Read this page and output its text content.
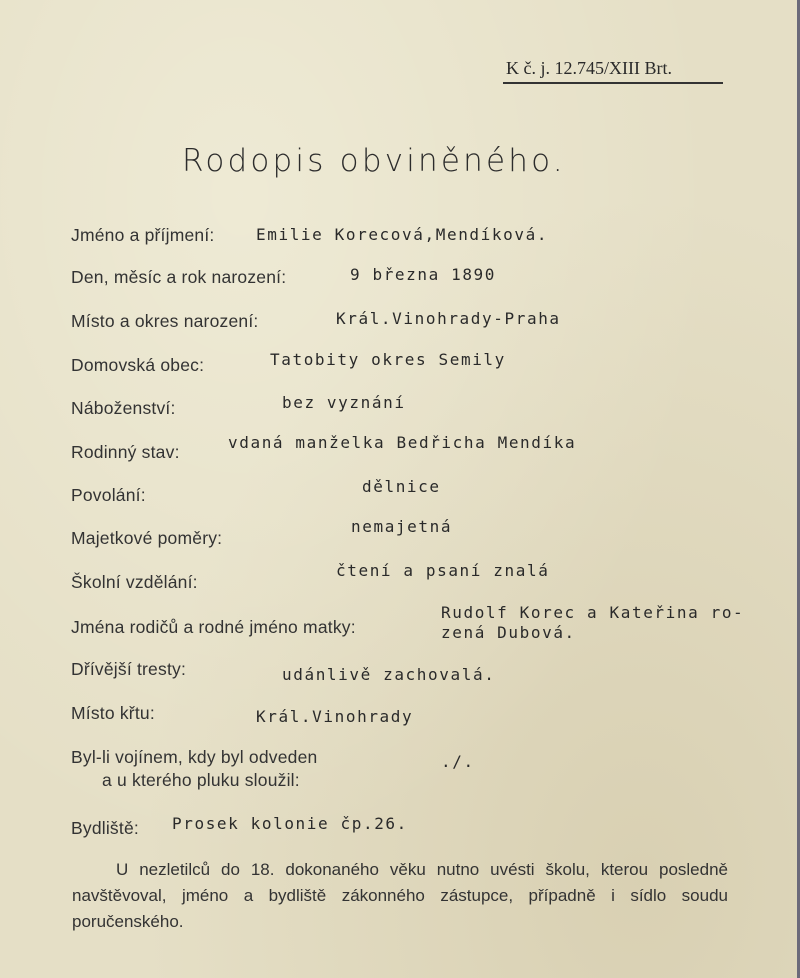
K č. j. 12.745/XIII Brt.
Rodopis obviněného.
Jméno a příjmení:	Emilie Korecová,Mendíková.
Den, měsíc a rok narození:	9 března 1890
Místo a okres narození:	Král.Vinohrady-Praha
Domovská obec:	Tatobity okres Semily
Náboženství:	bez vyznání
Rodinný stav:	vdaná manželka Bedřicha Mendíka
Povolání:	dělnice
Majetkové poměry:
nemajetná
Školní vzdělání:
čtení a psaní znalá
Jména rodičů a rodné jméno matky:
Rudolf Korec a Kateřina ro-
zená Dubová.
Dřívější tresty:	udánlivě zachovalá.
Místo křtu:	Král.Vinohrady
Byl-li vojínem, kdy byl odveden
a u kterého pluku sloužil:
./.
Bydliště: Prosek kolonie čp.26.

U nezletilců do 18. dokonaného věku nutno uvésti školu, kterou posledně navštěvoval, jméno a bydliště zákonného zástupce, případně i sídlo soudu poručenského.
